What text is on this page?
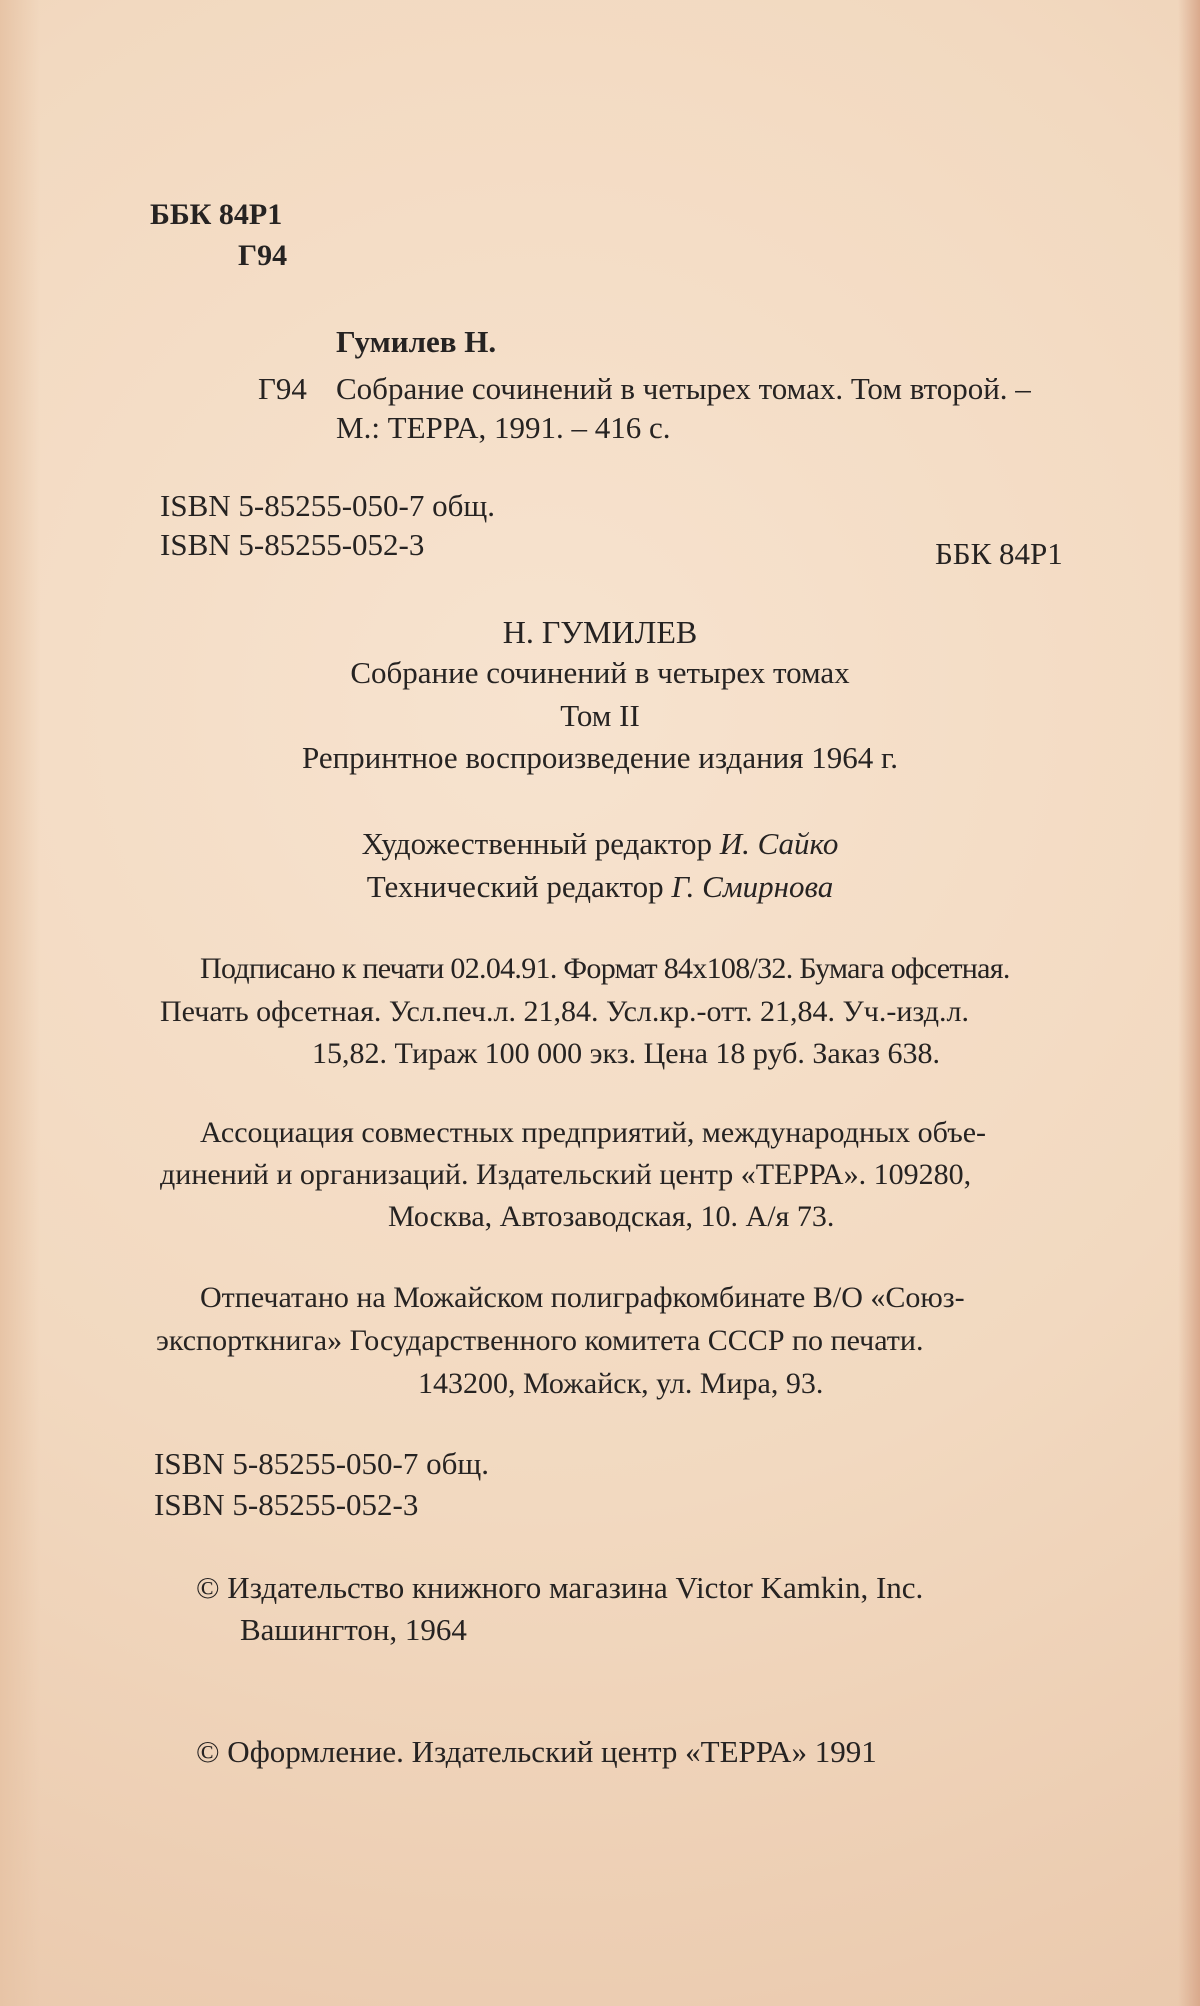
ББК 84Р1
Г94
Гумилев Н.
Г94 Собрание сочинений в четырех томах. Том второй. –
М.: ТЕРРА, 1991. – 416 с.
ISBN 5-85255-050-7 общ.
ISBN 5-85255-052-3	ББК 84Р1
Н. ГУМИЛЕВ
Собрание сочинений в четырех томах
Том II
Репринтное воспроизведение издания 1964 г.
Художественный редактор И. Сайко
Технический редактор Г. Смирнова
Подписано к печати 02.04.91. Формат 84х108/32. Бумага офсетная.
Печать офсетная. Усл.печ.л. 21,84. Усл.кр.-отт. 21,84. Уч.-изд.л.
15,82. Тираж 100 000 экз. Цена 18 руб. Заказ 638.
Ассоциация совместных предприятий, международных объе-
динений и организаций. Издательский центр «ТЕРРА». 109280,
Москва, Автозаводская, 10. А/я 73.
Отпечатано на Можайском полиграфкомбинате В/О «Союз-
экспорткнига» Государственного комитета СССР по печати.
143200, Можайск, ул. Мира, 93.
ISBN 5-85255-050-7 общ.
ISBN 5-85255-052-3
© Издательство книжного магазина Victor Kamkin, Inc.
Вашингтон, 1964
© Оформление. Издательский центр «ТЕРРА» 1991
